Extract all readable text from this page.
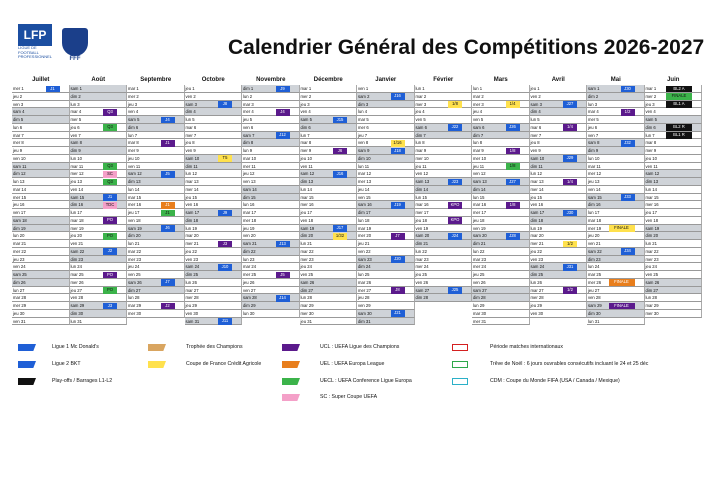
LFP
LIGUE DE FOOTBALL PROFESSIONNEL	FFF	Calendrier Général des Compétitions 2026-2027
Juillet
mer 1	J1
jeu 2
ven 3
sam 4
dim 5
lun 6
mar 7
mer 8
jeu 9
ven 10
sam 11
dim 12
lun 13
mar 14
mer 15
jeu 16
ven 17
sam 18
dim 19
lun 20
mar 21
mer 22
jeu 23
ven 24
sam 25
dim 26
lun 27
mar 28
mer 29
jeu 30
ven 31
Août
sam 1
dim 2
lun 3
mar 4	Q3
mer 5
jeu 6	Q3
ven 7
sam 8
dim 9
lun 10
mar 11	Q3
mer 12	SC
jeu 13	Q3
ven 14
sam 15	J1
dim 16	TDC
lun 17
mar 18	PO
mer 19
jeu 20	PO
ven 21
sam 22	J2
dim 23
lun 24
mar 25	PO
mer 26
jeu 27	PO
ven 28
sam 29	J3
dim 30
lun 31
Septembre
mar 1
mer 2
jeu 3
ven 4
sam 5	J4
dim 6
lun 7
mar 8	J1
mer 9
jeu 10
ven 11
sam 12	J5
dim 13
lun 14
mar 15
mer 16	J1
jeu 17	J1
ven 18
sam 19	J6
dim 20
lun 21
mar 22
mer 23
jeu 24
ven 25
sam 26	J7
dim 27
lun 28
mar 29	J2
mer 30
Octobre
jeu 1
ven 2
sam 3	J8
dim 4
lun 5
mar 6
mer 7
jeu 8
ven 9
sam 10	T5
dim 11
lun 12
mar 13
mer 14
jeu 15
ven 16
sam 17	J9
dim 18
lun 19
mar 20
mer 21	J3
jeu 22
ven 23
sam 24	J10
dim 25
lun 26
mar 27
mer 28
jeu 29
ven 30
sam 31	J11
Novembre
dim 1	J9
lun 2
mar 3
mer 4	J4
jeu 5
ven 6
sam 7	J12
dim 8
lun 9
mar 10
mer 11
jeu 12
ven 13
sam 14
dim 15
lun 16
mar 17
mer 18
jeu 19
ven 20
sam 21	J13
dim 22
lun 23
mar 24
mer 25	J5
jeu 26
ven 27
sam 28	J14
dim 29
lun 30
Décembre
mar 1
mer 2
jeu 3
ven 4
sam 5	J15
dim 6
lun 7
mar 8
mer 9	J6
jeu 10
ven 11
sam 12	J16
dim 13
lun 14
mar 15
mer 16
jeu 17
ven 18
sam 19	J17
dim 20	1/32
lun 21
mar 22
mer 23
jeu 24
ven 25
sam 26
dim 27
lun 28
mar 29
mer 30
jeu 31
Janvier
ven 1
sam 2	J16
dim 3
lun 4
mar 5
mer 6
jeu 7
ven 8	1/16
sam 9	J18
dim 10
lun 11
mar 12
mer 13
jeu 14
ven 15
sam 16	J19
dim 17
lun 18
mar 19
mer 20	J7
jeu 21
ven 22
sam 23	J20
dim 24
lun 25
mar 26
mer 27	J8
jeu 28
ven 29
sam 30	J21
dim 31
Février
lun 1
mar 2
mer 3	1/8
jeu 4
ven 5
sam 6	J22
dim 7
lun 8
mar 9
mer 10
jeu 11
ven 12
sam 13	J23
dim 14
lun 15
mar 16	KPO
mer 17
jeu 18	KPO
ven 19
sam 20	J24
dim 21
lun 22
mar 23
mer 24
jeu 25
ven 26
sam 27	J25
dim 28
Mars
lun 1
mar 2
mer 3	1/4
jeu 4
ven 5
sam 6	J26
dim 7
lun 8
mar 9	1/8
mer 10
jeu 11	1/8
ven 12
sam 13	J27
dim 14
lun 15
mar 16	1/8
mer 17
jeu 18
ven 19
sam 20	J28
dim 21
lun 22
mar 23
mer 24
jeu 25
ven 26
sam 27
dim 28
lun 29
mar 30
mer 31
Avril
jeu 1
ven 2
sam 3	J27
dim 4
lun 5
mar 6	1/4
mer 7
jeu 8
ven 9
sam 10	J29
dim 11
lun 12
mar 13	1/4
mer 14
jeu 15
ven 16
sam 17	J30
dim 18
lun 19
mar 20
mer 21	1/2
jeu 22
ven 23
sam 24	J31
dim 25
lun 26
mar 27	1/2
mer 28
jeu 29
ven 30
Mai
sam 1	J30
dim 2
lun 3
mar 4	1/2
mer 5
jeu 6
ven 7
sam 8	J32
dim 9
lun 10
mar 11
mer 12
jeu 13
ven 14
sam 15	J33
dim 16
lun 17
mar 18
mer 19	FINALE
jeu 20
ven 21
sam 22	J34
dim 23
lun 24
mar 25
mer 26	FINALE
jeu 27
ven 28
sam 29	FINALE
dim 30
lun 31
Juin
mar 1	BL2 A
mer 2	FINALE
jeu 3	BL1 A
ven 4
sam 5
dim 6	BL2 R
lun 7	BL1 R
mar 8
mer 9
jeu 10
ven 11
sam 12
dim 13
lun 14
mar 15
mer 16
jeu 17
ven 18
sam 19
dim 20
lun 21
mar 22
mer 23
jeu 24
ven 25
sam 26
dim 27
lun 28
mar 29
mer 30
Ligue 1 Mc Donald's
Ligue 2 BKT
Play-offs / Barrages L1-L2
Trophée des Champions
Coupe de France Crédit Agricole
UCL : UEFA Ligue des Champions
UEL : UEFA Europa League
UECL : UEFA Conference Ligue Europa
SC : Super Coupe UEFA
Période matches internationaux
Trêve de Noël : 6 jours ouvrables consécutifs incluant le 24 et 25 déc
CDM : Coupe du Monde FIFA (USA / Canada / Mexique)
